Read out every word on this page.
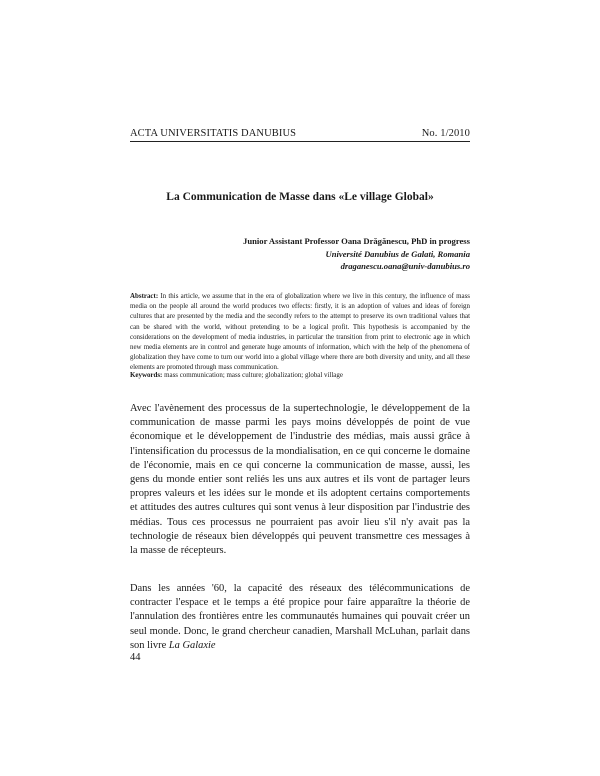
ACTA UNIVERSITATIS DANUBIUS	No. 1/2010
La Communication de Masse dans «Le village Global»
Junior Assistant Professor Oana Drăgănescu, PhD in progress
Université Danubius de Galati, Romania
draganescu.oana@univ-danubius.ro
Abstract: In this article, we assume that in the era of globalization where we live in this century, the influence of mass media on the people all around the world produces two effects: firstly, it is an adoption of values and ideas of foreign cultures that are presented by the media and the secondly refers to the attempt to preserve its own traditional values that can be shared with the world, without pretending to be a logical profit. This hypothesis is accompanied by the considerations on the development of media industries, in particular the transition from print to electronic age in which new media elements are in control and generate huge amounts of information, which with the help of the phenomena of globalization they have come to turn our world into a global village where there are both diversity and unity, and all these elements are promoted through mass communication.
Keywords: mass communication; mass culture; globalization; global village

Avec l'avènement des processus de la supertechnologie, le développement de la communication de masse parmi les pays moins développés de point de vue économique et le développement de l'industrie des médias, mais aussi grâce à l'intensification du processus de la mondialisation, en ce qui concerne le domaine de l'économie, mais en ce qui concerne la communication de masse, aussi, les gens du monde entier sont reliés les uns aux autres et ils vont de partager leurs propres valeurs et les idées sur le monde et ils adoptent certains comportements et attitudes des autres cultures qui sont venus à leur disposition par l'industrie des médias. Tous ces processus ne pourraient pas avoir lieu s'il n'y avait pas la technologie de réseaux bien développés qui peuvent transmettre ces messages à la masse de récepteurs.

Dans les années '60, la capacité des réseaux des télécommunications de contracter l'espace et le temps a été propice pour faire apparaître la théorie de l'annulation des frontières entre les communautés humaines qui pouvait créer un seul monde. Donc, le grand chercheur canadien, Marshall McLuhan, parlait dans son livre La Galaxie

44
